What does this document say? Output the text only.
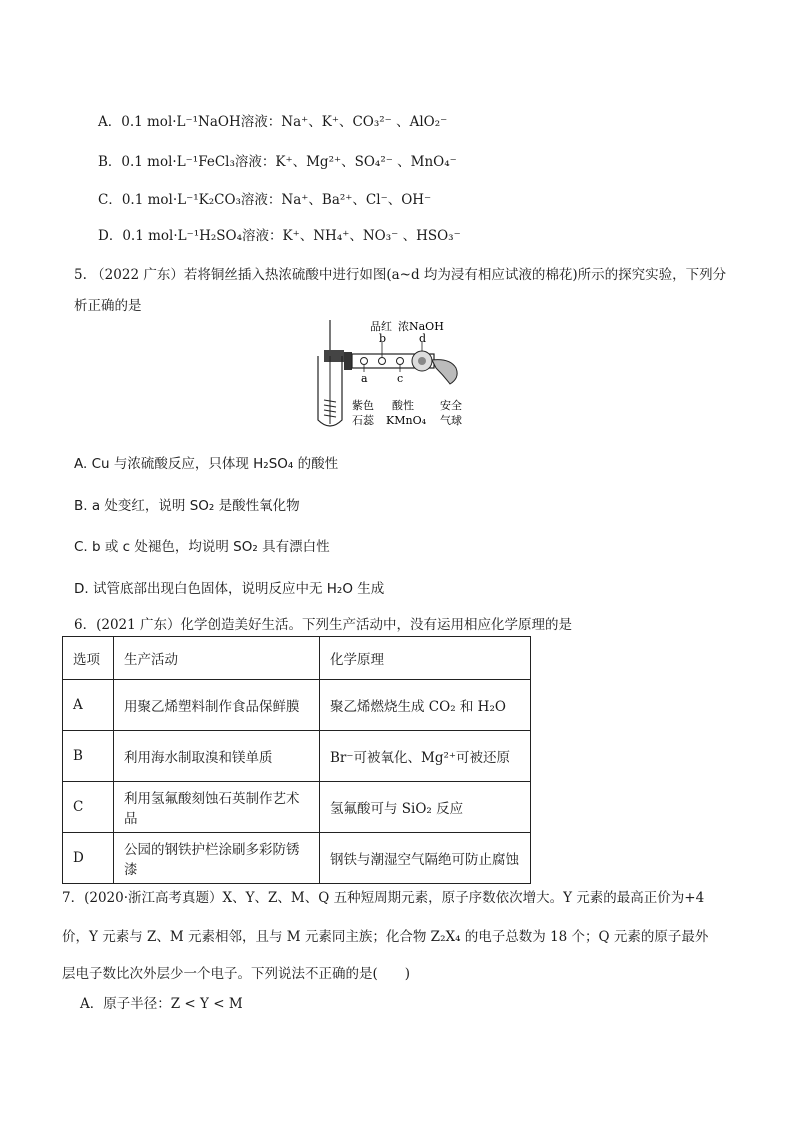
A．0.1 mol·L⁻¹NaOH溶液：Na⁺、K⁺、CO₃²⁻ 、AlO₂⁻
B．0.1 mol·L⁻¹FeCl₃溶液：K⁺、Mg²⁺、SO₄²⁻ 、MnO₄⁻
C．0.1 mol·L⁻¹K₂CO₃溶液：Na⁺、Ba²⁺、Cl⁻、OH⁻
D．0.1 mol·L⁻¹H₂SO₄溶液：K⁺、NH₄⁺、NO₃⁻ 、HSO₃⁻
5. （2022 广东）若将铜丝插入热浓硫酸中进行如图(a~d 均为浸有相应试液的棉花)所示的探究实验，下列分
析正确的是
品红 浓NaOH
b	d
a	c
紫色
石蕊
酸性
KMnO₄
安全
气球
A. Cu 与浓硫酸反应，只体现 H₂SO₄ 的酸性
B. a 处变红，说明 SO₂ 是酸性氧化物
C. b 或 c 处褪色，均说明 SO₂ 具有漂白性
D. 试管底部出现白色固体，说明反应中无 H₂O 生成
6．(2021 广东）化学创造美好生活。下列生产活动中，没有运用相应化学原理的是
选项	生产活动	化学原理
A	用聚乙烯塑料制作食品保鲜膜	聚乙烯燃烧生成 CO₂ 和 H₂O
B	利用海水制取溴和镁单质	Br⁻可被氧化、Mg²⁺可被还原
C	利用氢氟酸刻蚀石英制作艺术品	氢氟酸可与 SiO₂ 反应
D	公园的钢铁护栏涂刷多彩防锈漆	钢铁与潮湿空气隔绝可防止腐蚀
7．(2020·浙江高考真题）X、Y、Z、M、Q 五种短周期元素，原子序数依次增大。Y 元素的最高正价为+4
价，Y 元素与 Z、M 元素相邻，且与 M 元素同主族；化合物 Z₂X₄ 的电子总数为 18 个；Q 元素的原子最外
层电子数比次外层少一个电子。下列说法不正确的是(　　)
A．原子半径：Z < Y < M
